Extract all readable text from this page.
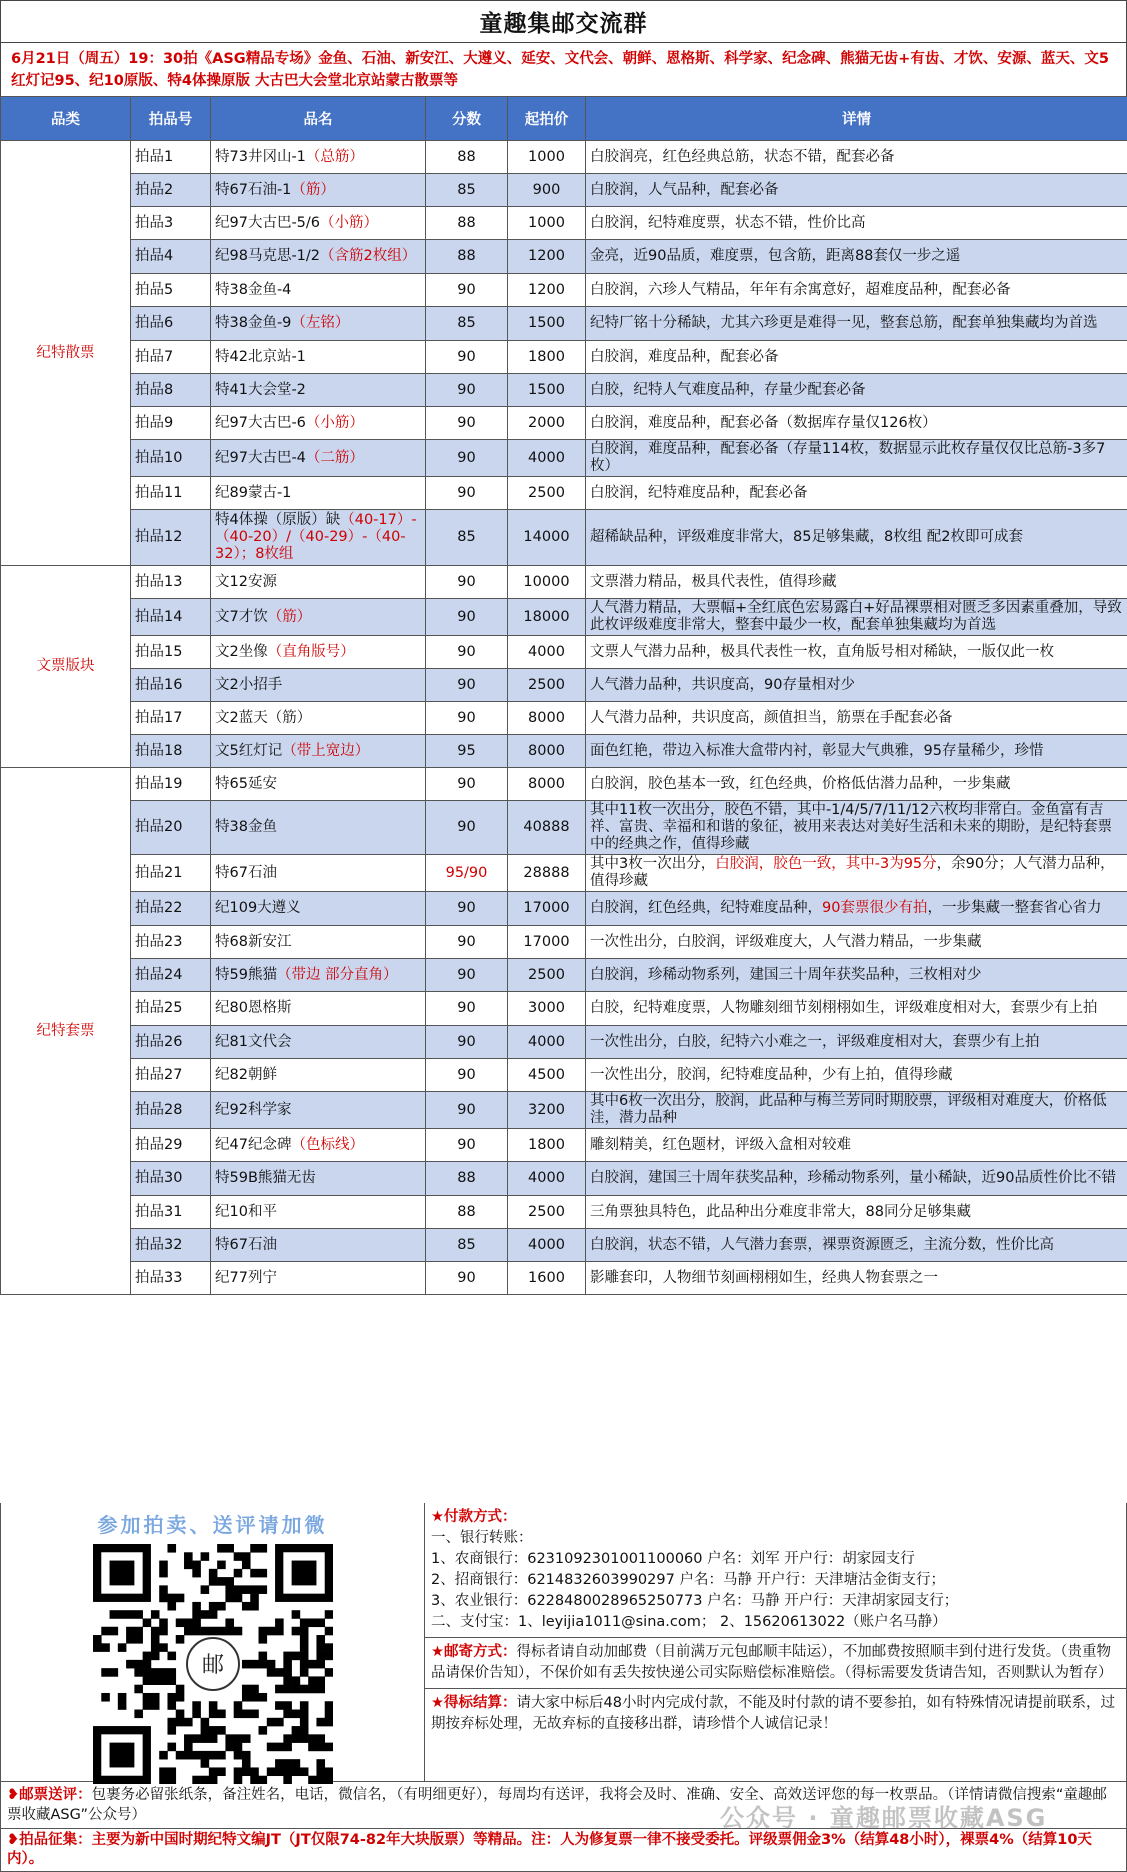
童趣集邮交流群
6月21日（周五）19：30拍《ASG精品专场》金鱼、石油、新安江、大遵义、延安、文代会、朝鲜、恩格斯、科学家、纪念碑、熊猫无齿+有齿、才饮、安源、蓝天、文5红灯记95、纪10原版、特4体操原版 大古巴大会堂北京站蒙古散票等
品类	拍品号	品名	分数	起拍价	详情
纪特散票	拍品1	特73井冈山-1（总筋）	88	1000	白胶润亮，红色经典总筋，状态不错，配套必备
	拍品2	特67石油-1（筋）	85	900	白胶润，人气品种，配套必备
	拍品3	纪97大古巴-5/6（小筋）	88	1000	白胶润，纪特难度票，状态不错，性价比高
	拍品4	纪98马克思-1/2（含筋2枚组）	88	1200	金亮，近90品质，难度票，包含筋，距离88套仅一步之遥
	拍品5	特38金鱼-4	90	1200	白胶润，六珍人气精品，年年有余寓意好，超难度品种，配套必备
	拍品6	特38金鱼-9（左铭）	85	1500	纪特厂铭十分稀缺，尤其六珍更是难得一见，整套总筋，配套单独集藏均为首选
	拍品7	特42北京站-1	90	1800	白胶润，难度品种，配套必备
	拍品8	特41大会堂-2	90	1500	白胶，纪特人气难度品种，存量少配套必备
	拍品9	纪97大古巴-6（小筋）	90	2000	白胶润，难度品种，配套必备（数据库存量仅126枚）
	拍品10	纪97大古巴-4（二筋）	90	4000	白胶润，难度品种，配套必备（存量114枚，数据显示此枚存量仅仅比总筋-3多7枚）
	拍品11	纪89蒙古-1	90	2500	白胶润，纪特难度品种，配套必备
	拍品12	特4体操（原版）缺（40-17）-（40-20）/（40-29）-（40-32）；8枚组	85	14000	超稀缺品种，评级难度非常大，85足够集藏，8枚组 配2枚即可成套
文票版块	拍品13	文12安源	90	10000	文票潜力精品，极具代表性，值得珍藏
	拍品14	文7才饮（筋）	90	18000	人气潜力精品，大票幅+全红底色宏易露白+好品裸票相对匮乏多因素重叠加，导致此枚评级难度非常大，整套中最少一枚，配套单独集藏均为首选
	拍品15	文2坐像（直角版号）	90	4000	文票人气潜力品种，极具代表性一枚，直角版号相对稀缺，一版仅此一枚
	拍品16	文2小招手	90	2500	人气潜力品种，共识度高，90存量相对少
	拍品17	文2蓝天（筋）	90	8000	人气潜力品种，共识度高，颜值担当，筋票在手配套必备
	拍品18	文5红灯记（带上宽边）	95	8000	面色红艳，带边入标准大盒带内衬，彰显大气典雅，95存量稀少，珍惜
纪特套票	拍品19	特65延安	90	8000	白胶润，胶色基本一致，红色经典，价格低估潜力品种，一步集藏
	拍品20	特38金鱼	90	40888	其中11枚一次出分，胶色不错，其中-1/4/5/7/11/12六枚均非常白。金鱼富有吉祥、富贵、幸福和和谐的象征，被用来表达对美好生活和未来的期盼，是纪特套票中的经典之作，值得珍藏
	拍品21	特67石油	95/90	28888	其中3枚一次出分，白胶润，胶色一致，其中-3为95分，余90分；人气潜力品种，值得珍藏
	拍品22	纪109大遵义	90	17000	白胶润，红色经典，纪特难度品种，90套票很少有拍，一步集藏一整套省心省力
	拍品23	特68新安江	90	17000	一次性出分，白胶润，评级难度大，人气潜力精品，一步集藏
	拍品24	特59熊猫（带边 部分直角）	90	2500	白胶润，珍稀动物系列，建国三十周年获奖品种，三枚相对少
	拍品25	纪80恩格斯	90	3000	白胶，纪特难度票，人物雕刻细节刻栩栩如生，评级难度相对大，套票少有上拍
	拍品26	纪81文代会	90	4000	一次性出分，白胶，纪特六小难之一，评级难度相对大，套票少有上拍
	拍品27	纪82朝鲜	90	4500	一次性出分，胶润，纪特难度品种，少有上拍，值得珍藏
	拍品28	纪92科学家	90	3200	其中6枚一次出分，胶润，此品种与梅兰芳同时期胶票，评级相对难度大，价格低洼，潜力品种
	拍品29	纪47纪念碑（色标线）	90	1800	雕刻精美，红色题材，评级入盒相对较难
	拍品30	特59B熊猫无齿	88	4000	白胶润，建国三十周年获奖品种，珍稀动物系列，量小稀缺，近90品质性价比不错
	拍品31	纪10和平	88	2500	三角票独具特色，此品种出分难度非常大，88同分足够集藏
	拍品32	特67石油	85	4000	白胶润，状态不错，人气潜力套票，裸票资源匮乏，主流分数，性价比高
	拍品33	纪77列宁	90	1600	影雕套印，人物细节刻画栩栩如生，经典人物套票之一
参加拍卖、送评请加微
邮
★付款方式：
一、银行转账：
1、农商银行：6231092301001100060 户名：刘军 开户行：胡家园支行
2、招商银行：6214832603990297 户名：马静 开户行：天津塘沽金街支行；
3、农业银行：6228480028965250773 户名：马静 开户行：天津胡家园支行；
二、支付宝：1、leyijia1011@sina.com； 2、15620613022（账户名马静）
★邮寄方式：得标者请自动加邮费（目前满万元包邮顺丰陆运），不加邮费按照顺丰到付进行发货。（贵重物品请保价告知），不保价如有丢失按快递公司实际赔偿标准赔偿。（得标需要发货请告知，否则默认为暂存）
★得标结算：请大家中标后48小时内完成付款，不能及时付款的请不要参拍，如有特殊情况请提前联系，过期按弃标处理，无故弃标的直接移出群，请珍惜个人诚信记录！
❥邮票送评：包裹务必留张纸条，备注姓名，电话，微信名，（有明细更好），每周均有送评，我将会及时、准确、安全、高效送评您的每一枚票品。（详情请微信搜索“童趣邮票收藏ASG”公众号）
❥拍品征集：主要为新中国时期纪特文编JT（JT仅限74-82年大块版票）等精品。注：人为修复票一律不接受委托。评级票佣金3%（结算48小时），裸票4%（结算10天内）。
公众号 · 童趣邮票收藏ASG
